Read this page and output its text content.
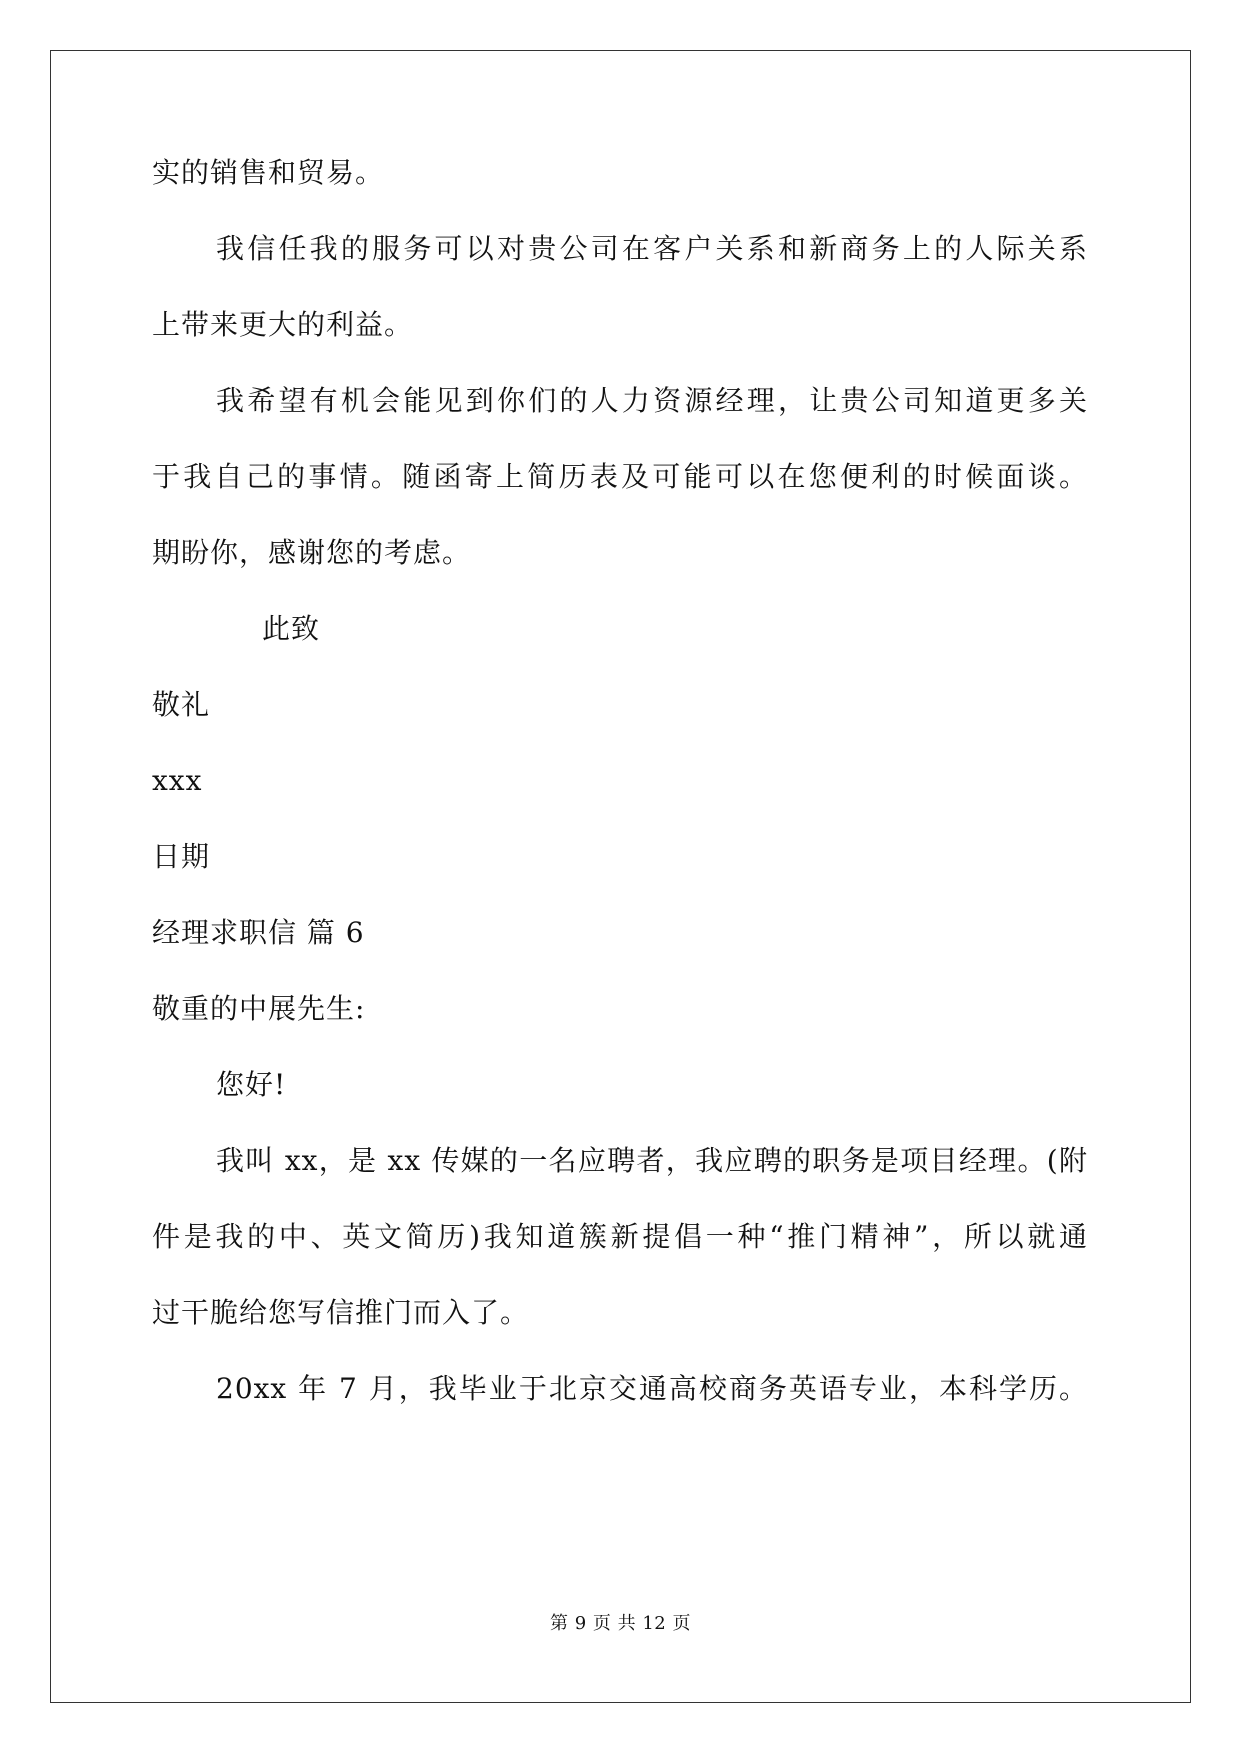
实的销售和贸易。
我信任我的服务可以对贵公司在客户关系和新商务上的人际关系
上带来更大的利益。
我希望有机会能见到你们的人力资源经理，让贵公司知道更多关
于我自己的事情。随函寄上简历表及可能可以在您便利的时候面谈。
期盼你，感谢您的考虑。
此致
敬礼
xxx
日期
经理求职信 篇 6
敬重的中展先生:
您好!
我叫 xx，是 xx 传媒的一名应聘者，我应聘的职务是项目经理。(附
件是我的中、英文简历)我知道簇新提倡一种“推门精神”，所以就通
过干脆给您写信推门而入了。
20xx 年 7 月，我毕业于北京交通高校商务英语专业，本科学历。
第 9 页 共 12 页
